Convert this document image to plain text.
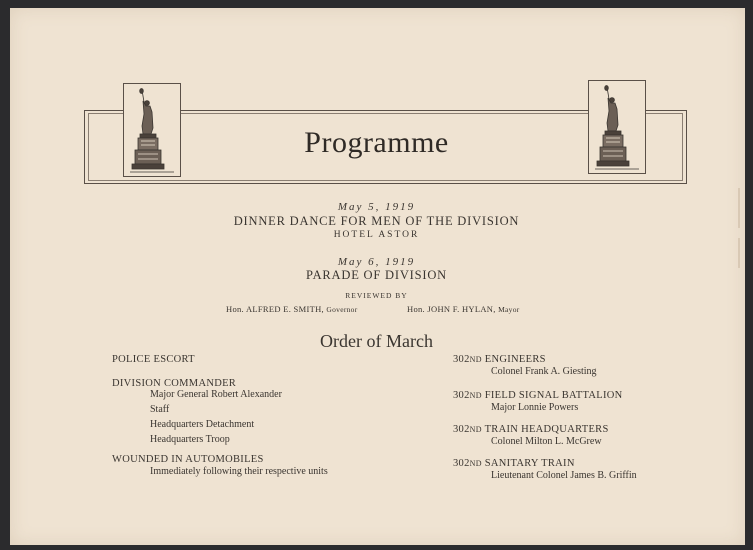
Programme
May 5, 1919
DINNER DANCE FOR MEN OF THE DIVISION
HOTEL ASTOR
May 6, 1919
PARADE OF DIVISION
REVIEWED BY
Hon. ALFRED E. SMITH, Governor	Hon. JOHN F. HYLAN, Mayor
Order of March
POLICE ESCORT
DIVISION COMMANDER
Major General Robert Alexander
Staff
Headquarters Detachment
Headquarters Troop
WOUNDED IN AUTOMOBILES
Immediately following their respective units
302ND ENGINEERS
Colonel Frank A. Giesting
302ND FIELD SIGNAL BATTALION
Major Lonnie Powers
302ND TRAIN HEADQUARTERS
Colonel Milton L. McGrew
302ND SANITARY TRAIN
Lieutenant Colonel James B. Griffin
